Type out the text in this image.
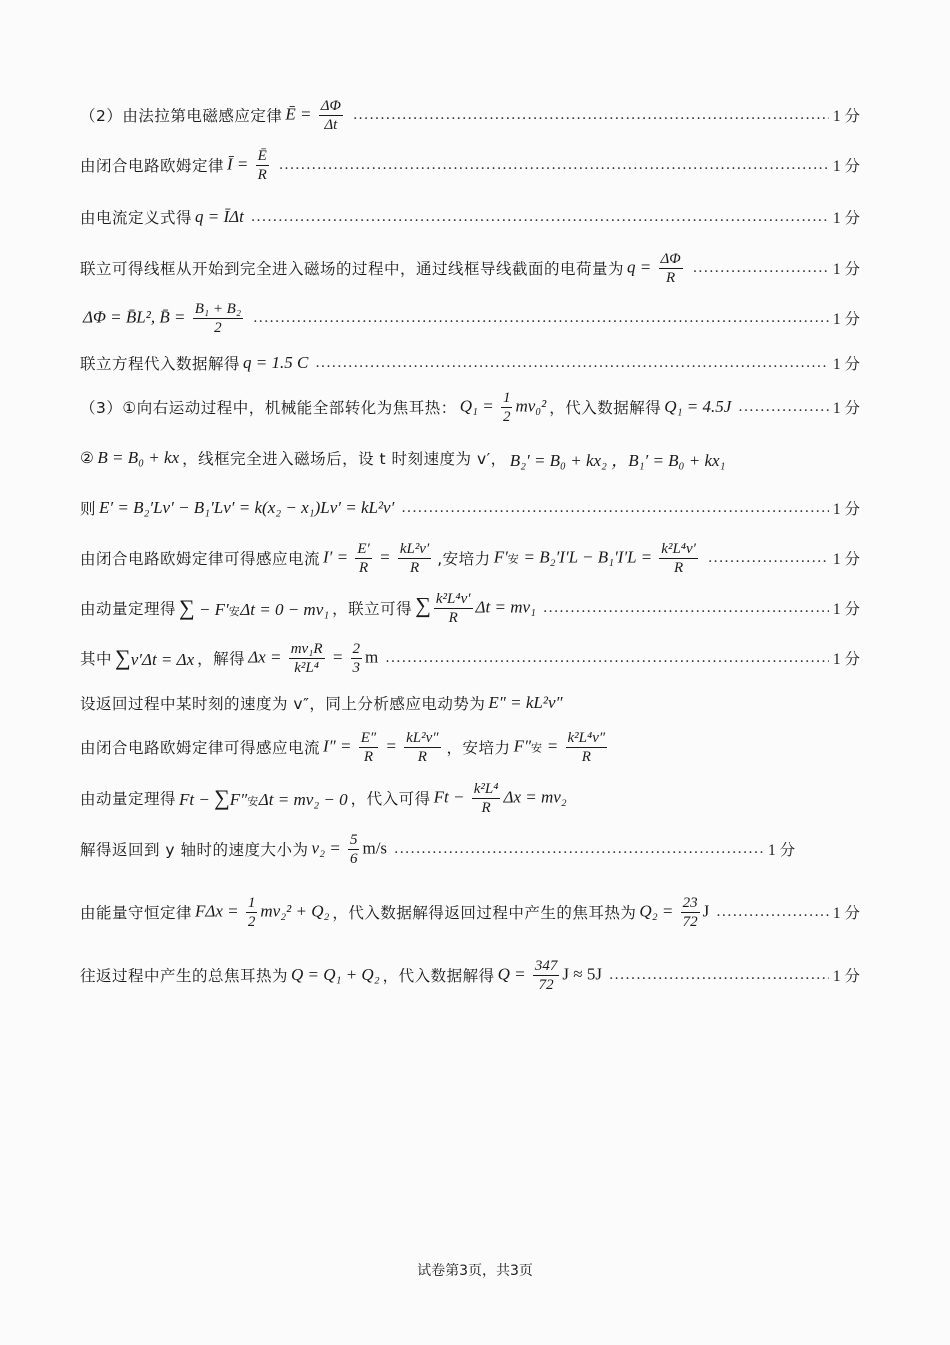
（2）由法拉第电磁感应定律 Ē = $\frac{\Delta\Phi}{\Delta t}$ .....	1 分
由闭合电路欧姆定律 Ī = $\frac{Ē}{R}$ .....	1 分
由电流定义式得 q = ĪΔt .....	1 分
联立可得线框从开始到完全进入磁场的过程中，通过线框导线截面的电荷量为 $q = \frac{\Delta\Phi}{R}$ .....	1 分
ΔΦ = B̄L², B̄ = $\frac{\text{B₁ + B₂}}{2}$ .....	1 分
联立方程代入数据解得 q = 1.5 C .....	1 分
（3）①向右运动过程中，机械能全部转化为焦耳热： $Q_1 = \frac{1}{2} mv_0^2$ ，代入数据解得 Q₁ = 4.5J .....	1 分
② B = B₀ + kx ，线框完全进入磁场后，设 t 时刻速度为 v′， B₂′ = B₀ + kx₂ ，B₁′ = B₀ + kx₁
则 E′ = B₂′Lv′ − B₁′Lv′ = k(x₂ − x₁)Lv′ = kL²v′ .....	1 分
由闭合电路欧姆定律可得感应电流 $I' = \frac{E'}{R} = \frac{\text{kL²v′}}{R}$ ,安培力 F′安 = $B_2'I'L - B_1'I'L = \frac{\text{k²L⁴v′}}{R}$ .....	1 分
由动量定理得 ∑ − F′安Δt = 0 − mv₁ ，联立可得 ∑ $\frac{\text{k²L⁴v′}}{R}$ Δt = mv₁ .....	1 分
其中 ∑v′Δt = Δx ，解得 $\Delta x = \frac{\text{mv₁R}}{\text{k²L⁴}} = \frac{2}{3}$ m .....	1 分
设返回过程中某时刻的速度为 v″，同上分析感应电动势为 E″ = kL²v″
由闭合电路欧姆定律可得感应电流 $I'' = \frac{E''}{R} = \frac{\text{kL²v″}}{R}$ ，安培力 F″安 = $\frac{\text{k²L⁴v″}}{R}$
由动量定理得 Ft − ∑F″安Δt = mv₂ − 0 ，代入可得 $Ft - \frac{\text{k²L⁴}}{R}$ Δx = mv₂
解得返回到 y 轴时的速度大小为 $v_2 = \frac{5}{6} m/s$ .....	1 分
由能量守恒定律 $F\Delta x = \frac{1}{2} mv_2^2 + Q_2$ ，代入数据解得返回过程中产生的焦耳热为 $Q_2 = \frac{23}{72}$ J .....	1 分
往返过程中产生的总焦耳热为 Q = Q₁ + Q₂ ，代入数据解得 $Q = \frac{347}{72}$ J ≈ 5J .....	1 分
试卷第3页，共3页
